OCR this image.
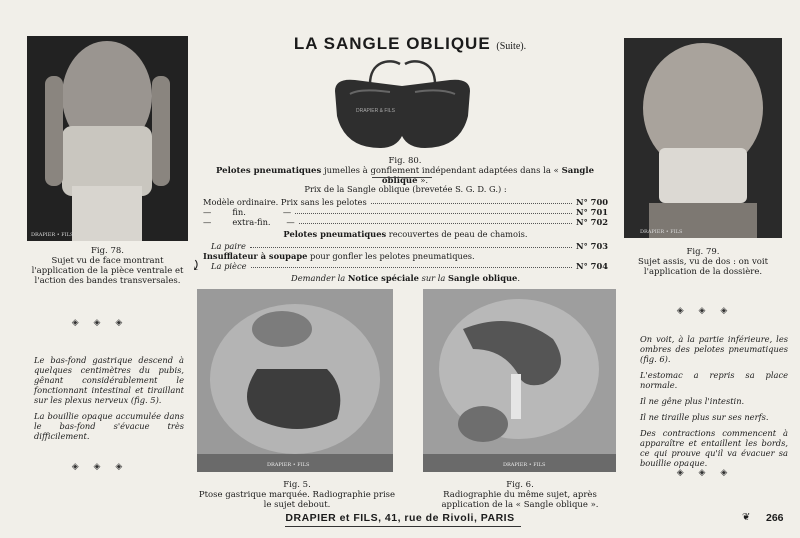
LA SANGLE OBLIQUE (Suite).
DRAPIER • FILS
Fig. 78.
Sujet vu de face montrant l'application de la pièce ventrale et l'action des bandes transversales.
⤸
DRAPIER • FILS
Fig. 79.
Sujet assis, vu de dos : on voit l'application de la dossière.
DRAPIER & FILS
Fig. 80.
Pelotes pneumatiques jumelles à gonflement indépendant adaptées dans la « Sangle oblique ».
Prix de la Sangle oblique (brevetée S. G. D. G.) :
Modèle ordinaire. Prix sans les pelotes	N° 700
—        fin.              —	N° 701
—        extra-fin.      —	N° 702
Pelotes pneumatiques recouvertes de peau de chamois.
La paire	N° 703
Insufflateur à soupape pour gonfler les pelotes pneumatiques.
La pièce	N° 704
Demander la Notice spéciale sur la Sangle oblique.
◈ ◈ ◈

Le bas-fond gastrique descend à quelques centimètres du pubis, gênant considérablement le fonctionnant intestinal et tiraillant sur les plexus nerveux (fig. 5).

La bouillie opaque accumulée dans le bas-fond s'évacue très difficilement.

◈ ◈ ◈
◈ ◈ ◈

On voit, à la partie inférieure, les ombres des pelotes pneumatiques (fig. 6).

L'estomac a repris sa place normale.

Il ne gêne plus l'intestin.

Il ne tiraille plus sur ses nerfs.

Des contractions commencent à apparaître et entaillent les bords, ce qui prouve qu'il va évacuer sa bouillie opaque.

◈ ◈ ◈
DRAPIER • FILS
Fig. 5.
Ptose gastrique marquée. Radiographie prise le sujet debout.
DRAPIER • FILS
Fig. 6.
Radiographie du même sujet, après application de la « Sangle oblique ».
DRAPIER et FILS, 41, rue de Rivoli, PARIS	❦ 266
